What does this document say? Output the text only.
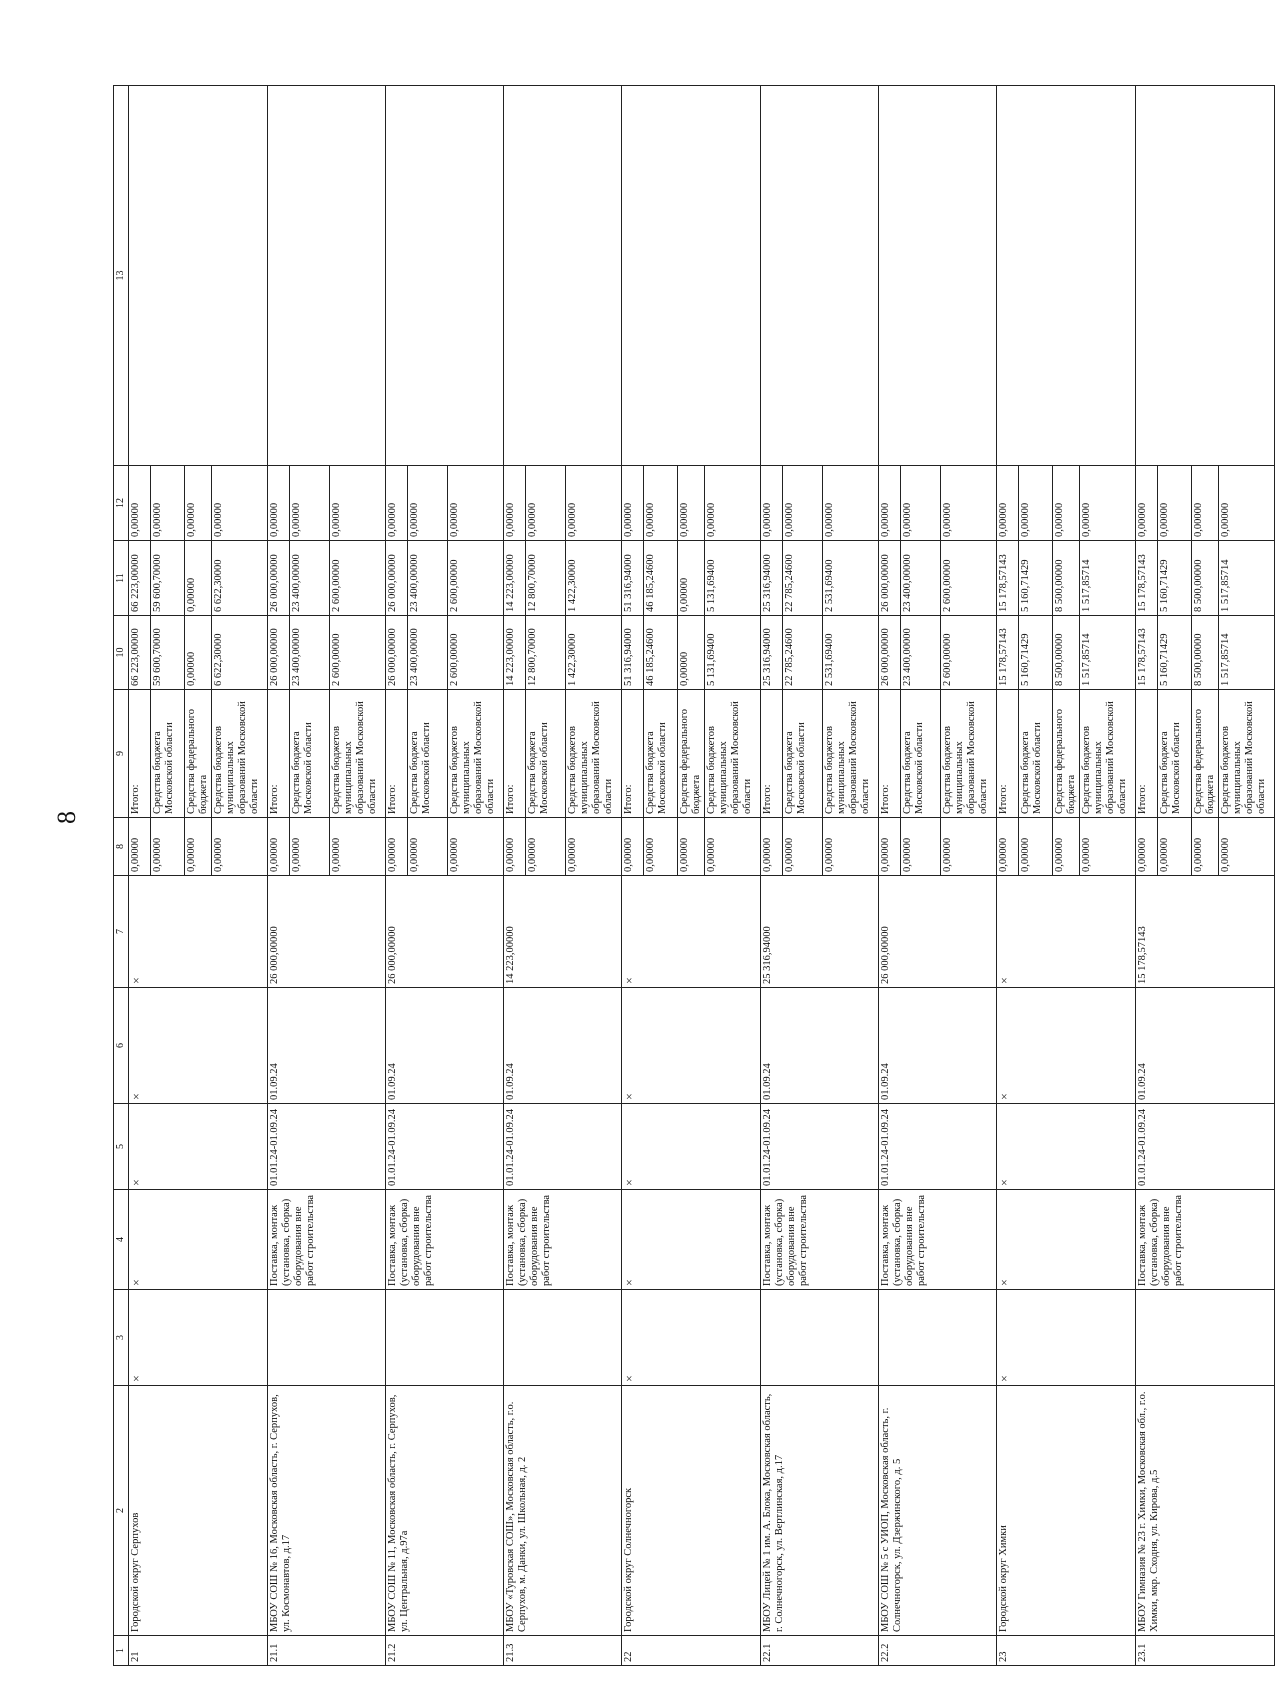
8
1	2	3	4	5	6	7	8	9	10	11	12	13
21	Городской округ Серпухов	×	×	×	×	×	0,00000	Итого:	66 223,00000	66 223,00000	0,00000	
							0,00000	Средства бюджета Московской области	59 600,70000	59 600,70000	0,00000	
							0,00000	Средства федерального бюджета	0,00000	0,00000	0,00000	
							0,00000	Средства бюджетов муниципальных образований Московской области	6 622,30000	6 622,30000	0,00000	
21.1	МБОУ СОШ № 16, Московская область, г. Серпухов, ул. Космонавтов, д.17		Поставка, монтаж (установка, сборка) оборудования вне работ строительства	01.01.24-01.09.24	01.09.24	26 000,00000	0,00000	Итого:	26 000,00000	26 000,00000	0,00000	
							0,00000	Средства бюджета Московской области	23 400,00000	23 400,00000	0,00000	
							0,00000	Средства бюджетов муниципальных образований Московской области	2 600,00000	2 600,00000	0,00000	
21.2	МБОУ СОШ № 11, Московская область, г. Серпухов, ул. Центральная, д.97а		Поставка, монтаж (установка, сборка) оборудования вне работ строительства	01.01.24-01.09.24	01.09.24	26 000,00000	0,00000	Итого:	26 000,00000	26 000,00000	0,00000	
							0,00000	Средства бюджета Московской области	23 400,00000	23 400,00000	0,00000	
							0,00000	Средства бюджетов муниципальных образований Московской области	2 600,00000	2 600,00000	0,00000	
21.3	МБОУ «Туровская СОШ», Московская область, г.о. Серпухов, м. Данки, ул. Школьная, д. 2		Поставка, монтаж (установка, сборка) оборудования вне работ строительства	01.01.24-01.09.24	01.09.24	14 223,00000	0,00000	Итого:	14 223,00000	14 223,00000	0,00000	
							0,00000	Средства бюджета Московской области	12 800,70000	12 800,70000	0,00000	
							0,00000	Средства бюджетов муниципальных образований Московской области	1 422,30000	1 422,30000	0,00000	
22	Городской округ Солнечногорск	×	×	×	×	×	0,00000	Итого:	51 316,94000	51 316,94000	0,00000	
							0,00000	Средства бюджета Московской области	46 185,24600	46 185,24600	0,00000	
							0,00000	Средства федерального бюджета	0,00000	0,00000	0,00000	
							0,00000	Средства бюджетов муниципальных образований Московской области	5 131,69400	5 131,69400	0,00000	
22.1	МБОУ Лицей № 1 им. А. Блока, Московская область, г. Солнечногорск, ул. Вертлинская, д.17		Поставка, монтаж (установка, сборка) оборудования вне работ строительства	01.01.24-01.09.24	01.09.24	25 316,94000	0,00000	Итого:	25 316,94000	25 316,94000	0,00000	
							0,00000	Средства бюджета Московской области	22 785,24600	22 785,24600	0,00000	
							0,00000	Средства бюджетов муниципальных образований Московской области	2 531,69400	2 531,69400	0,00000	
22.2	МБОУ СОШ № 5 с УИОП, Московская область, г. Солнечногорск, ул. Дзержинского, д. 5		Поставка, монтаж (установка, сборка) оборудования вне работ строительства	01.01.24-01.09.24	01.09.24	26 000,00000	0,00000	Итого:	26 000,00000	26 000,00000	0,00000	
							0,00000	Средства бюджета Московской области	23 400,00000	23 400,00000	0,00000	
							0,00000	Средства бюджетов муниципальных образований Московской области	2 600,00000	2 600,00000	0,00000	
23	Городской округ Химки	×	×	×	×	×	0,00000	Итого:	15 178,57143	15 178,57143	0,00000	
							0,00000	Средства бюджета Московской области	5 160,71429	5 160,71429	0,00000	
							0,00000	Средства федерального бюджета	8 500,00000	8 500,00000	0,00000	
							0,00000	Средства бюджетов муниципальных образований Московской области	1 517,85714	1 517,85714	0,00000	
23.1	МБОУ Гимназия № 23 г. Химки, Московская обл., г.о. Химки, мкр. Сходня, ул. Кирова, д.5		Поставка, монтаж (установка, сборка) оборудования вне работ строительства	01.01.24-01.09.24	01.09.24	15 178,57143	0,00000	Итого:	15 178,57143	15 178,57143	0,00000	
							0,00000	Средства бюджета Московской области	5 160,71429	5 160,71429	0,00000	
							0,00000	Средства федерального бюджета	8 500,00000	8 500,00000	0,00000	
							0,00000	Средства бюджетов муниципальных образований Московской области	1 517,85714	1 517,85714	0,00000	
